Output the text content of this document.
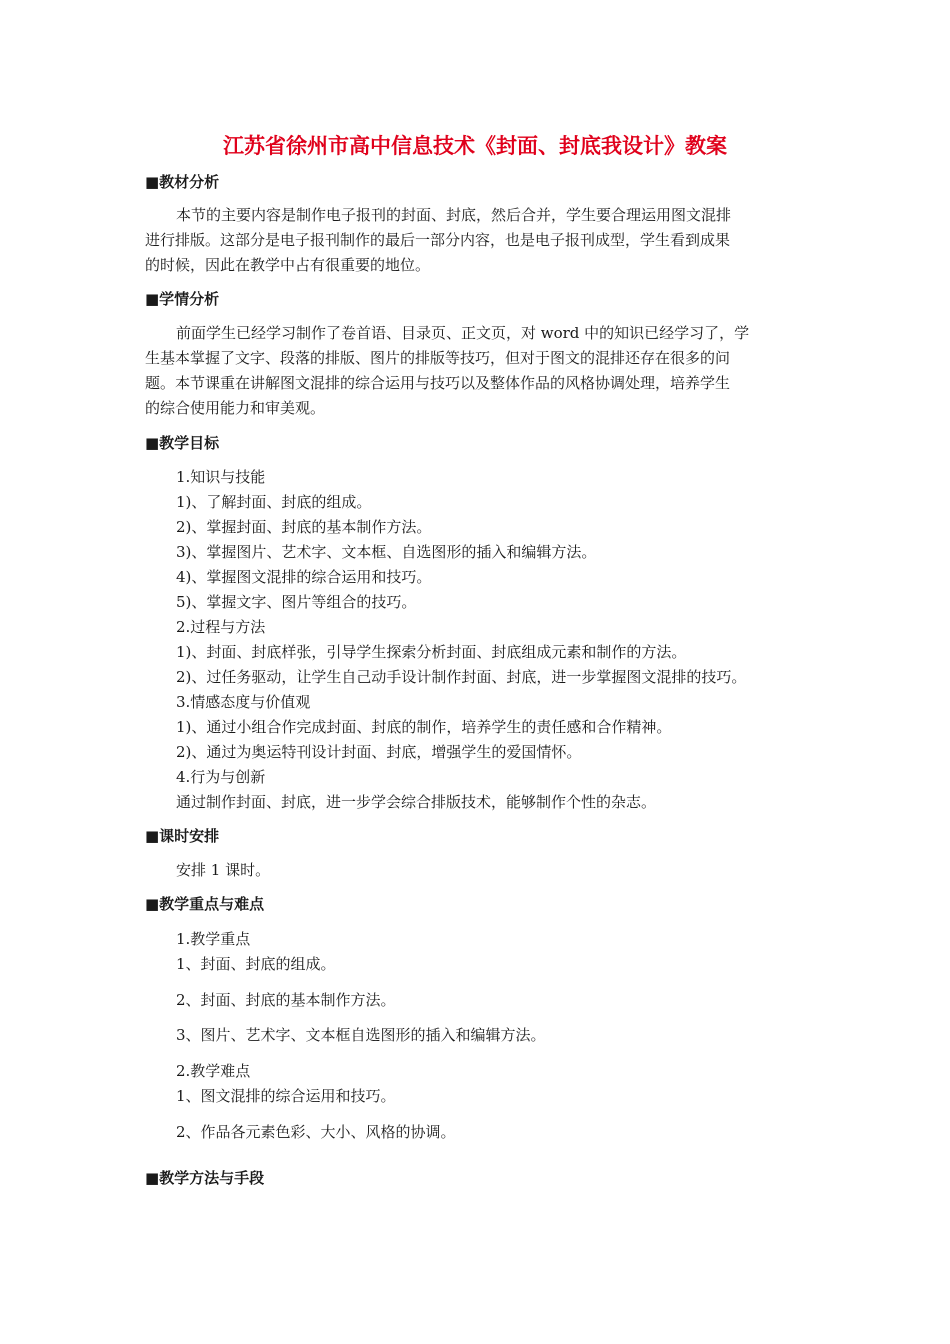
江苏省徐州市高中信息技术《封面、封底我设计》教案
■教材分析
本节的主要内容是制作电子报刊的封面、封底，然后合并，学生要合理运用图文混排
进行排版。这部分是电子报刊制作的最后一部分内容，也是电子报刊成型，学生看到成果
的时候，因此在教学中占有很重要的地位。
■学情分析
前面学生已经学习制作了卷首语、目录页、正文页，对 word 中的知识已经学习了，学
生基本掌握了文字、段落的排版、图片的排版等技巧，但对于图文的混排还存在很多的问
题。本节课重在讲解图文混排的综合运用与技巧以及整体作品的风格协调处理，培养学生
的综合使用能力和审美观。
■教学目标
1.知识与技能
1)、了解封面、封底的组成。
2)、掌握封面、封底的基本制作方法。
3)、掌握图片、艺术字、文本框、自选图形的插入和编辑方法。
4)、掌握图文混排的综合运用和技巧。
5)、掌握文字、图片等组合的技巧。
2.过程与方法
1)、封面、封底样张，引导学生探索分析封面、封底组成元素和制作的方法。
2)、过任务驱动，让学生自己动手设计制作封面、封底，进一步掌握图文混排的技巧。
3.情感态度与价值观
1)、通过小组合作完成封面、封底的制作，培养学生的责任感和合作精神。
2)、通过为奥运特刊设计封面、封底，增强学生的爱国情怀。
4.行为与创新
通过制作封面、封底，进一步学会综合排版技术，能够制作个性的杂志。
■课时安排
安排 1 课时。
■教学重点与难点
1.教学重点
1、封面、封底的组成。
2、封面、封底的基本制作方法。
3、图片、艺术字、文本框自选图形的插入和编辑方法。
2.教学难点
1、图文混排的综合运用和技巧。
2、作品各元素色彩、大小、风格的协调。
■教学方法与手段
